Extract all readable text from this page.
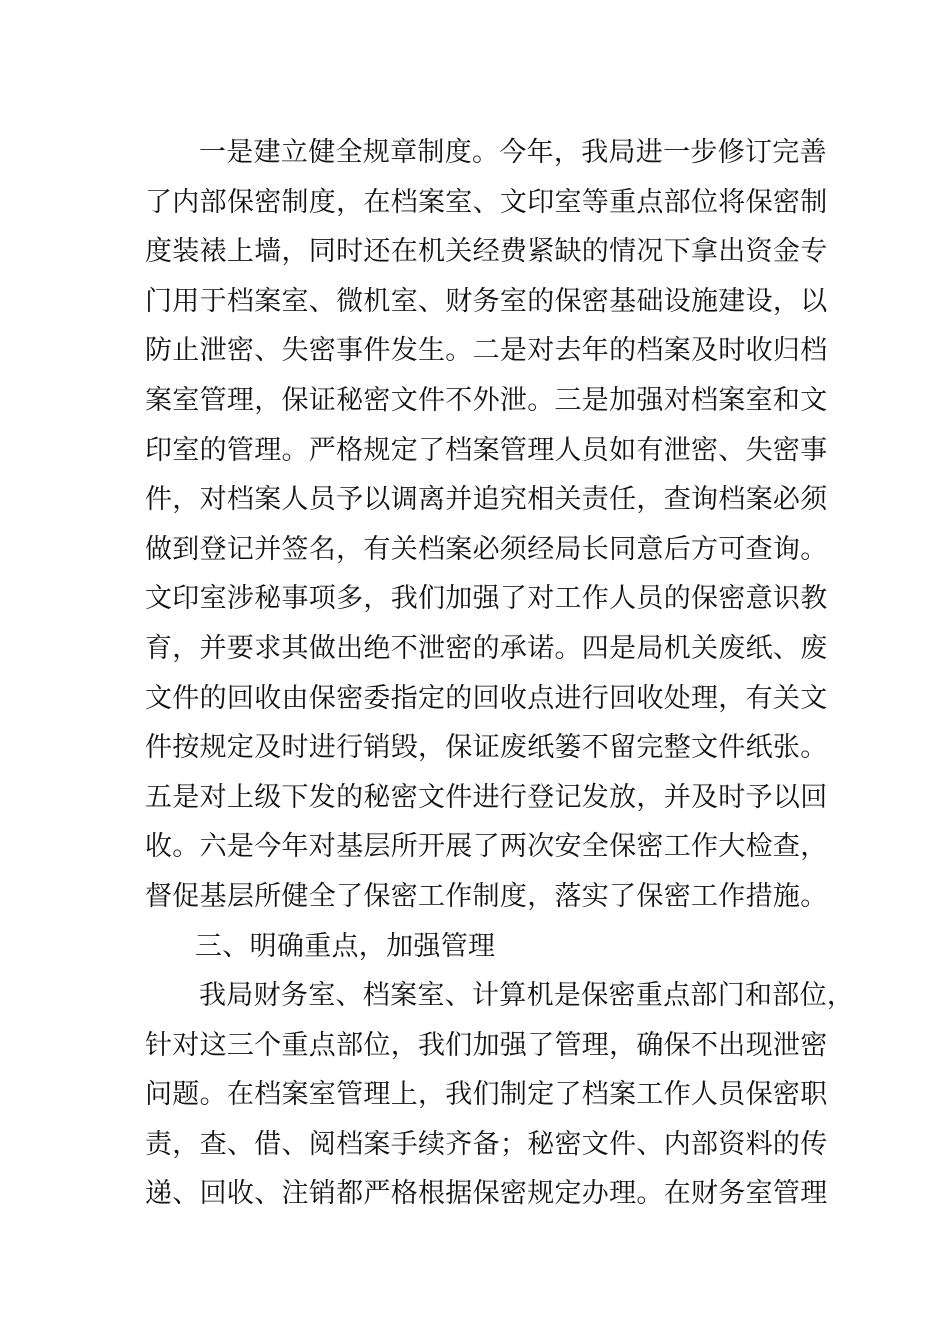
一是建立健全规章制度。今年，我局进一步修订完善
了内部保密制度，在档案室、文印室等重点部位将保密制
度装裱上墙，同时还在机关经费紧缺的情况下拿出资金专
门用于档案室、微机室、财务室的保密基础设施建设，以
防止泄密、失密事件发生。二是对去年的档案及时收归档
案室管理，保证秘密文件不外泄。三是加强对档案室和文
印室的管理。严格规定了档案管理人员如有泄密、失密事
件，对档案人员予以调离并追究相关责任，查询档案必须
做到登记并签名，有关档案必须经局长同意后方可查询。
文印室涉秘事项多，我们加强了对工作人员的保密意识教
育，并要求其做出绝不泄密的承诺。四是局机关废纸、废
文件的回收由保密委指定的回收点进行回收处理，有关文
件按规定及时进行销毁，保证废纸篓不留完整文件纸张。
五是对上级下发的秘密文件进行登记发放，并及时予以回
收。六是今年对基层所开展了两次安全保密工作大检查，
督促基层所健全了保密工作制度，落实了保密工作措施。
三、明确重点，加强管理
我局财务室、档案室、计算机是保密重点部门和部位，
针对这三个重点部位，我们加强了管理，确保不出现泄密
问题。在档案室管理上，我们制定了档案工作人员保密职
责，查、借、阅档案手续齐备；秘密文件、内部资料的传
递、回收、注销都严格根据保密规定办理。在财务室管理
